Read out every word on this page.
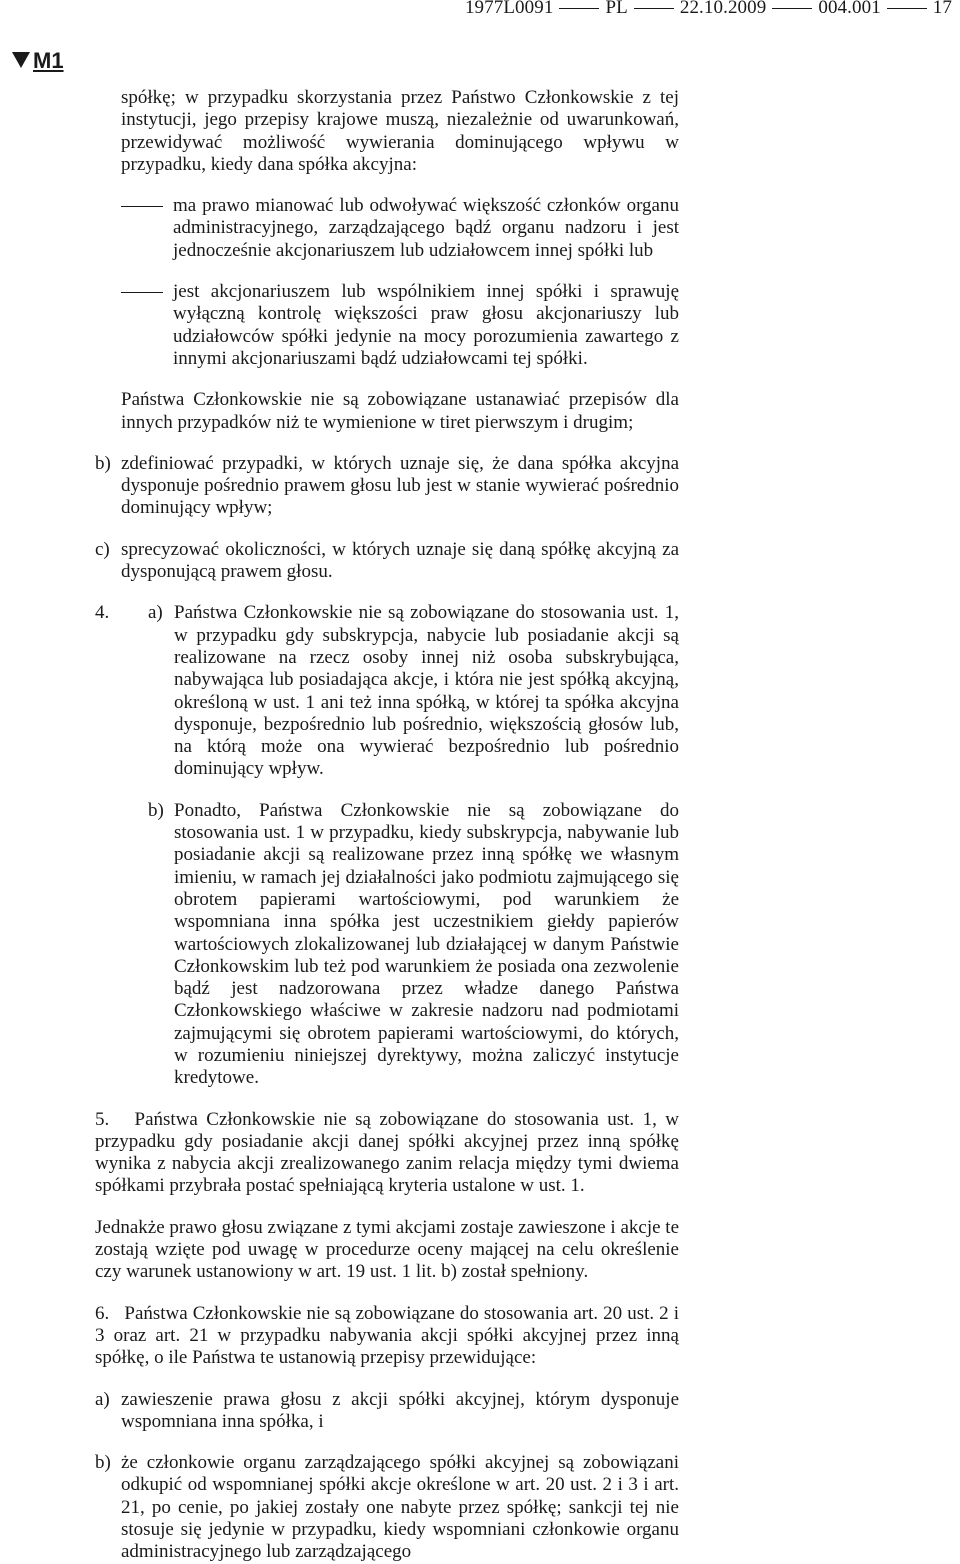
1977L0091	PL	22.10.2009	004.001	17
M1

spółkę; w przypadku skorzystania przez Państwo Członkowskie z tej instytucji, jego przepisy krajowe muszą, niezależnie od uwarunkowań, przewidywać możliwość wywierania dominującego wpływu w przypadku, kiedy dana spółka akcyjna:

ma prawo mianować lub odwoływać większość członków organu administracyjnego, zarządzającego bądź organu nadzoru i jest jednocześnie akcjonariuszem lub udziałowcem innej spółki lub

jest akcjonariuszem lub wspólnikiem innej spółki i sprawuję wyłączną kontrolę większości praw głosu akcjonariuszy lub udziałowców spółki jedynie na mocy porozumienia zawartego z innymi akcjonariuszami bądź udziałowcami tej spółki.

Państwa Członkowskie nie są zobowiązane ustanawiać przepisów dla innych przypadków niż te wymienione w tiret pierwszym i drugim;

b) zdefiniować przypadki, w których uznaje się, że dana spółka akcyjna dysponuje pośrednio prawem głosu lub jest w stanie wywierać pośrednio dominujący wpływ;

c) sprecyzować okoliczności, w których uznaje się daną spółkę akcyjną za dysponującą prawem głosu.

4. a) Państwa Członkowskie nie są zobowiązane do stosowania ust. 1, w przypadku gdy subskrypcja, nabycie lub posiadanie akcji są realizowane na rzecz osoby innej niż osoba subskrybująca, nabywająca lub posiadająca akcje, i która nie jest spółką akcyjną, określoną w ust. 1 ani też inna spółką, w której ta spółka akcyjna dysponuje, bezpośrednio lub pośrednio, większością głosów lub, na którą może ona wywierać bezpośrednio lub pośrednio dominujący wpływ.

b) Ponadto, Państwa Członkowskie nie są zobowiązane do stosowania ust. 1 w przypadku, kiedy subskrypcja, nabywanie lub posiadanie akcji są realizowane przez inną spółkę we własnym imieniu, w ramach jej działalności jako podmiotu zajmującego się obrotem papierami wartościowymi, pod warunkiem że wspomniana inna spółka jest uczestnikiem giełdy papierów wartościowych zlokalizowanej lub działającej w danym Państwie Członkowskim lub też pod warunkiem że posiada ona zezwolenie bądź jest nadzorowana przez władze danego Państwa Członkowskiego właściwe w zakresie nadzoru nad podmiotami zajmującymi się obrotem papierami wartościowymi, do których, w rozumieniu niniejszej dyrektywy, można zaliczyć instytucje kredytowe.

5.   Państwa Członkowskie nie są zobowiązane do stosowania ust. 1, w przypadku gdy posiadanie akcji danej spółki akcyjnej przez inną spółkę wynika z nabycia akcji zrealizowanego zanim relacja między tymi dwiema spółkami przybrała postać spełniającą kryteria ustalone w ust. 1.

Jednakże prawo głosu związane z tymi akcjami zostaje zawieszone i akcje te zostają wzięte pod uwagę w procedurze oceny mającej na celu określenie czy warunek ustanowiony w art. 19 ust. 1 lit. b) został spełniony.

6.   Państwa Członkowskie nie są zobowiązane do stosowania art. 20 ust. 2 i 3 oraz art. 21 w przypadku nabywania akcji spółki akcyjnej przez inną spółkę, o ile Państwa te ustanowią przepisy przewidujące:

a) zawieszenie prawa głosu z akcji spółki akcyjnej, którym dysponuje wspomniana inna spółka, i

b) że członkowie organu zarządzającego spółki akcyjnej są zobowiązani odkupić od wspomnianej spółki akcje określone w art. 20 ust. 2 i 3 i art. 21, po cenie, po jakiej zostały one nabyte przez spółkę; sankcji tej nie stosuje się jedynie w przypadku, kiedy wspomniani członkowie organu administracyjnego lub zarządzającego
